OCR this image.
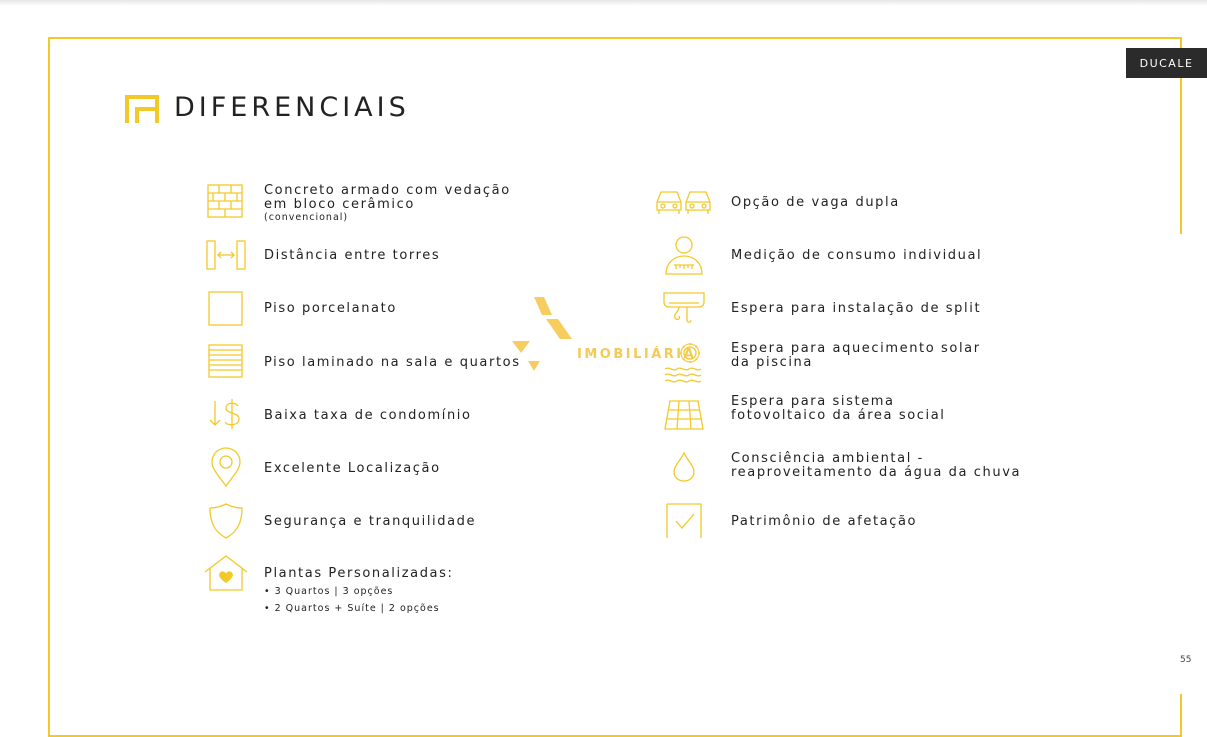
DUCALE
DIFERENCIAIS
Concreto armado com vedação
em bloco cerâmico
(convencional)
Distância entre torres
Piso porcelanato
Piso laminado na sala e quartos
Baixa taxa de condomínio
Excelente Localização
Segurança e tranquilidade
Plantas Personalizadas:
• 3 Quartos | 3 opções
• 2 Quartos + Suíte | 2 opções
Opção de vaga dupla
Medição de consumo individual
Espera para instalação de split
Espera para aquecimento solar
da piscina
Espera para sistema
fotovoltaico da área social
Consciência ambiental -
reaproveitamento da água da chuva
Patrimônio de afetação
IMOBILIÁRIA
55
